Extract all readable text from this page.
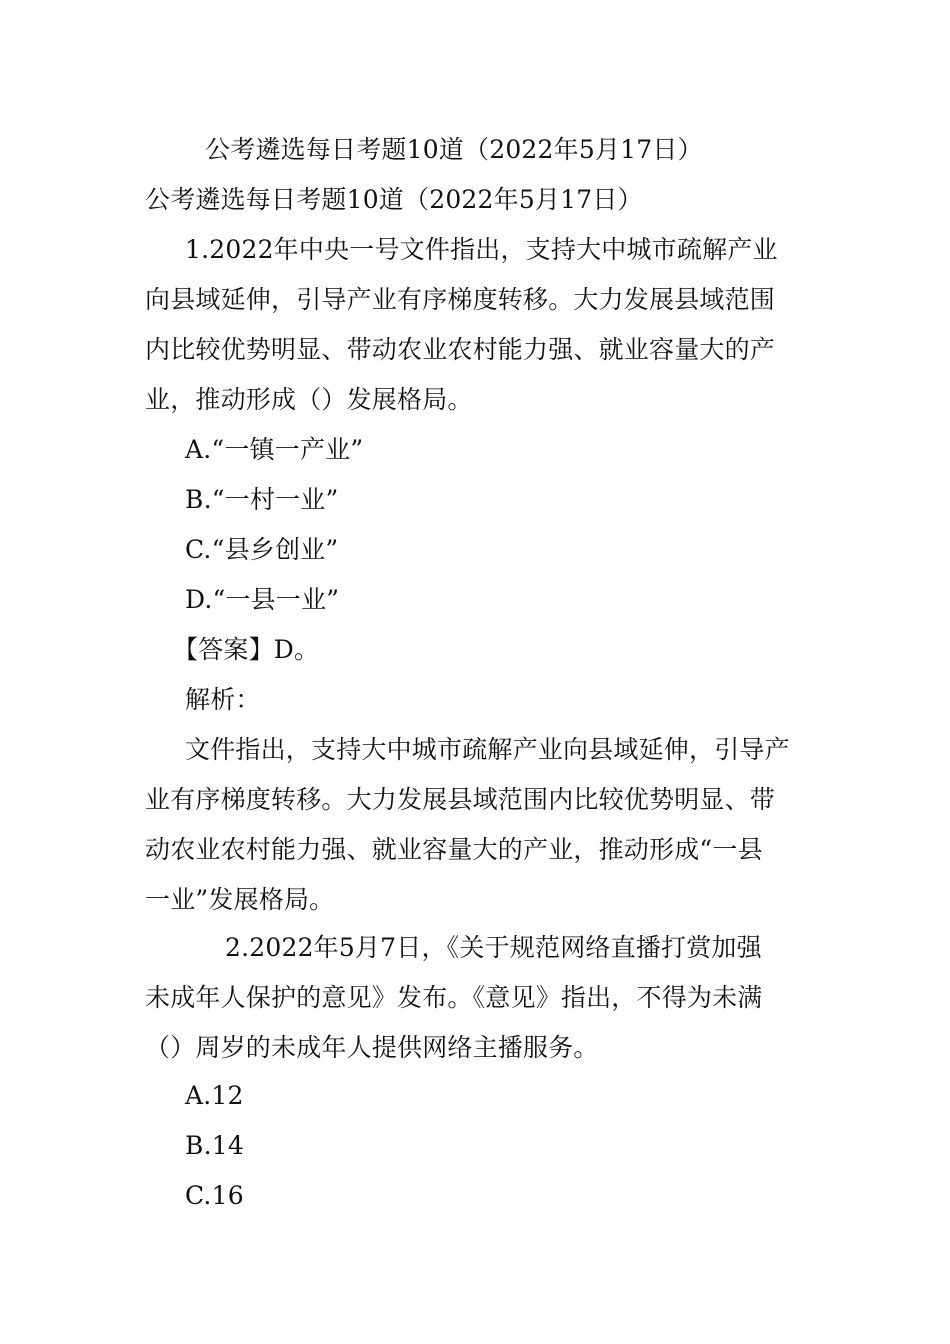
公考遴选每日考题10道（2022年5月17日）
公考遴选每日考题10道（2022年5月17日）
1.2022年中央一号文件指出，支持大中城市疏解产业
向县域延伸，引导产业有序梯度转移。大力发展县域范围
内比较优势明显、带动农业农村能力强、就业容量大的产
业，推动形成（）发展格局。
A.“一镇一产业”
B.“一村一业”
C.“县乡创业”
D.“一县一业”
【答案】D。
解析：
文件指出，支持大中城市疏解产业向县域延伸，引导产
业有序梯度转移。大力发展县域范围内比较优势明显、带
动农业农村能力强、就业容量大的产业，推动形成“一县
一业”发展格局。
2.2022年5月7日，《关于规范网络直播打赏加强
未成年人保护的意见》发布。《意见》指出，不得为未满
（）周岁的未成年人提供网络主播服务。
A.12
B.14
C.16
